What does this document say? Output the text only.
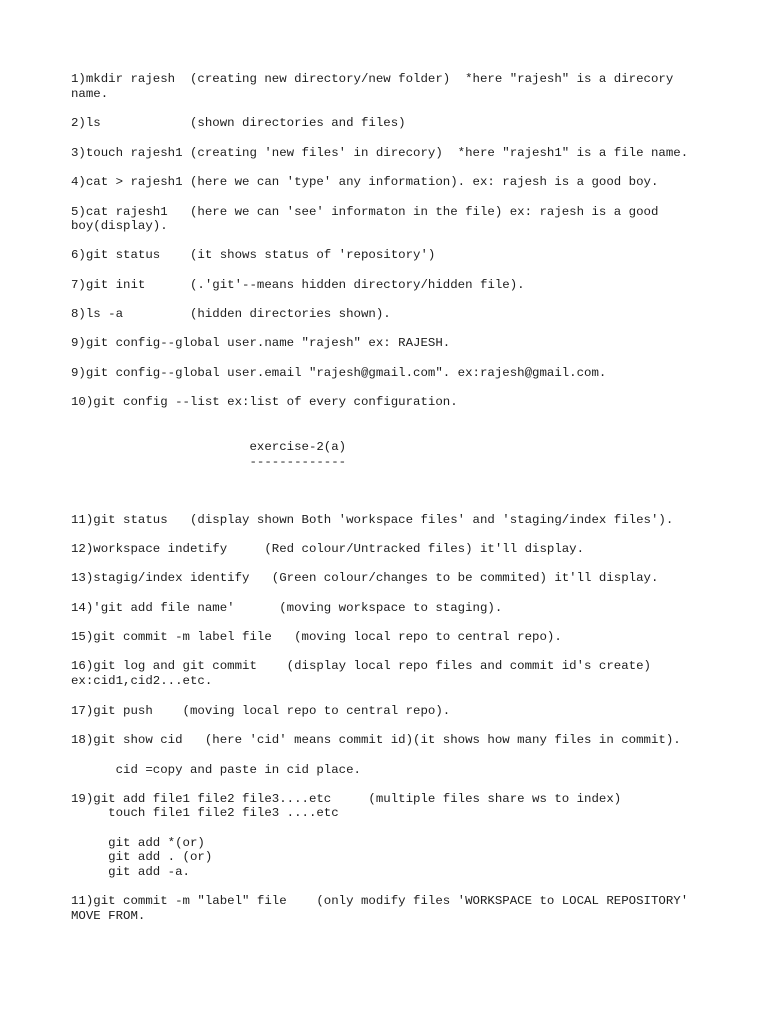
1)mkdir rajesh  (creating new directory/new folder)  *here "rajesh" is a direcory

name.

2)ls            (shown directories and files)

3)touch rajesh1 (creating 'new files' in direcory)  *here "rajesh1" is a file name.

4)cat > rajesh1 (here we can 'type' any information). ex: rajesh is a good boy.

5)cat rajesh1   (here we can 'see' informaton in the file) ex: rajesh is a good

boy(display).

6)git status    (it shows status of 'repository')

7)git init      (.'git'--means hidden directory/hidden file).

8)ls -a         (hidden directories shown).

9)git config--global user.name "rajesh" ex: RAJESH.

9)git config--global user.email "rajesh@gmail.com". ex:rajesh@gmail.com.

10)git config --list ex:list of every configuration.

exercise-2(a)

-------------

11)git status   (display shown Both 'workspace files' and 'staging/index files').

12)workspace indetify     (Red colour/Untracked files) it'll display.

13)stagig/index identify   (Green colour/changes to be commited) it'll display.

14)'git add file name'      (moving workspace to staging).

15)git commit -m label file   (moving local repo to central repo).

16)git log and git commit    (display local repo files and commit id's create)

ex:cid1,cid2...etc.

17)git push    (moving local repo to central repo).

18)git show cid   (here 'cid' means commit id)(it shows how many files in commit).

cid =copy and paste in cid place.

19)git add file1 file2 file3....etc     (multiple files share ws to index)

touch file1 file2 file3 ....etc

git add *(or)

git add . (or)

git add -a.

11)git commit -m "label" file    (only modify files 'WORKSPACE to LOCAL REPOSITORY'

MOVE FROM.
